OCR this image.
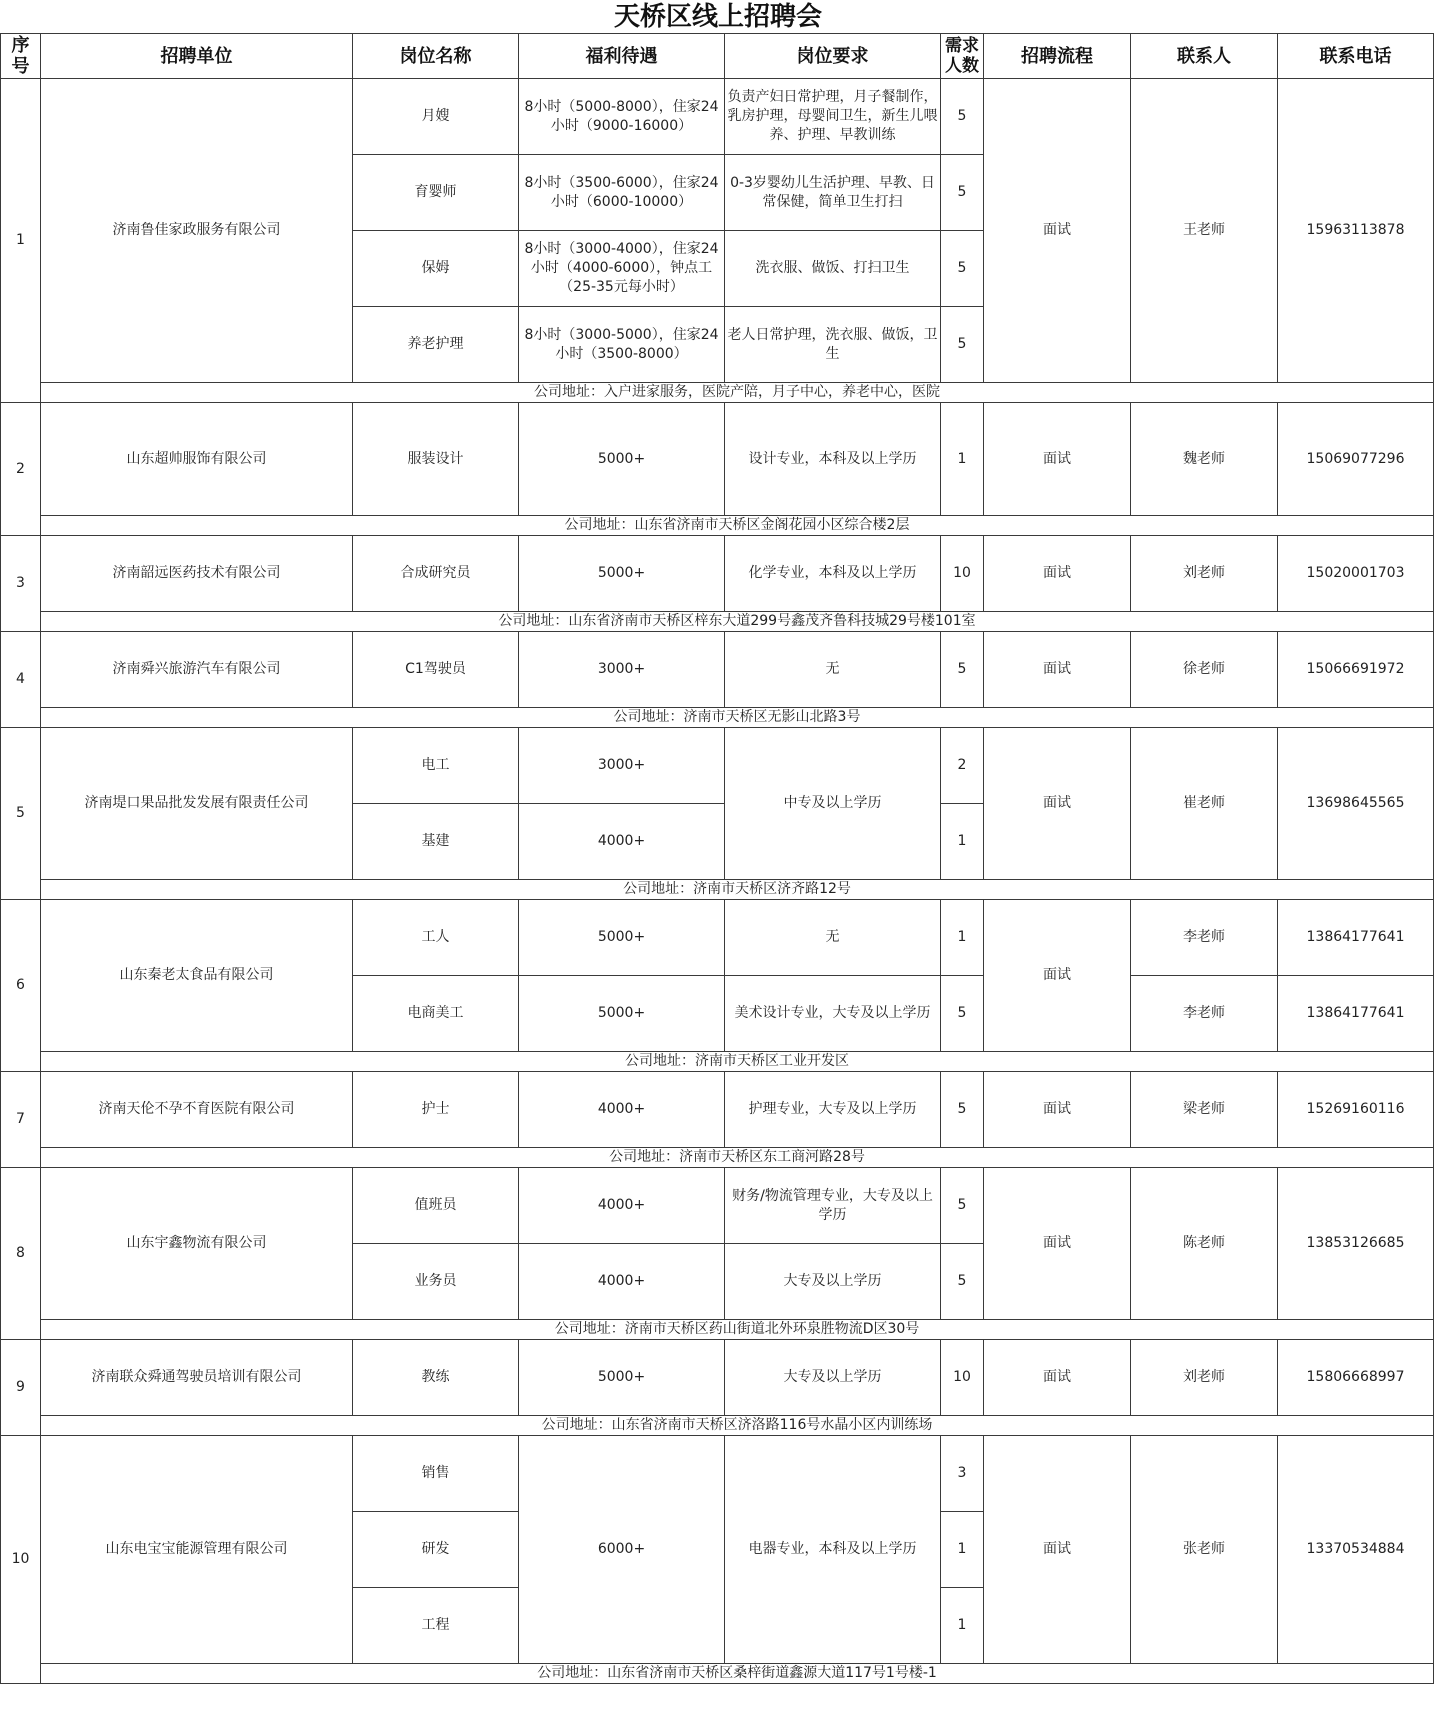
天桥区线上招聘会
序号	招聘单位	岗位名称	福利待遇	岗位要求	需求人数	招聘流程	联系人	联系电话
1	济南鲁佳家政服务有限公司	月嫂	8小时（5000-8000），住家24小时（9000-16000）	负责产妇日常护理，月子餐制作，乳房护理，母婴间卫生，新生儿喂养、护理、早教训练	5	面试	王老师	15963113878
		育婴师	8小时（3500-6000），住家24小时（6000-10000）	0-3岁婴幼儿生活护理、早教、日常保健，简单卫生打扫	5			
		保姆	8小时（3000-4000），住家24小时（4000-6000），钟点工（25-35元每小时）	洗衣服、做饭、打扫卫生	5			
		养老护理	8小时（3000-5000），住家24小时（3500-8000）	老人日常护理，洗衣服、做饭，卫生	5			
	公司地址：入户进家服务，医院产陪，月子中心，养老中心，医院							
2	山东超帅服饰有限公司	服装设计	5000+	设计专业，本科及以上学历	1	面试	魏老师	15069077296
	公司地址：山东省济南市天桥区金阁花园小区综合楼2层							
3	济南韶远医药技术有限公司	合成研究员	5000+	化学专业，本科及以上学历	10	面试	刘老师	15020001703
	公司地址：山东省济南市天桥区梓东大道299号鑫茂齐鲁科技城29号楼101室							
4	济南舜兴旅游汽车有限公司	C1驾驶员	3000+	无	5	面试	徐老师	15066691972
	公司地址：济南市天桥区无影山北路3号							
5	济南堤口果品批发发展有限责任公司	电工	3000+	中专及以上学历	2	面试	崔老师	13698645565
		基建	4000+		1			
	公司地址：济南市天桥区济齐路12号							
6	山东秦老太食品有限公司	工人	5000+	无	1	面试	李老师	13864177641
		电商美工	5000+	美术设计专业，大专及以上学历	5		李老师	13864177641
	公司地址：济南市天桥区工业开发区							
7	济南天伦不孕不育医院有限公司	护士	4000+	护理专业，大专及以上学历	5	面试	梁老师	15269160116
	公司地址：济南市天桥区东工商河路28号							
8	山东宇鑫物流有限公司	值班员	4000+	财务/物流管理专业，大专及以上学历	5	面试	陈老师	13853126685
		业务员	4000+	大专及以上学历	5			
	公司地址：济南市天桥区药山街道北外环泉胜物流D区30号							
9	济南联众舜通驾驶员培训有限公司	教练	5000+	大专及以上学历	10	面试	刘老师	15806668997
	公司地址：山东省济南市天桥区济洛路116号水晶小区内训练场							
10	山东电宝宝能源管理有限公司	销售	6000+	电器专业，本科及以上学历	3	面试	张老师	13370534884
		研发			1			
		工程			1			
	公司地址：山东省济南市天桥区桑梓街道鑫源大道117号1号楼-1							
